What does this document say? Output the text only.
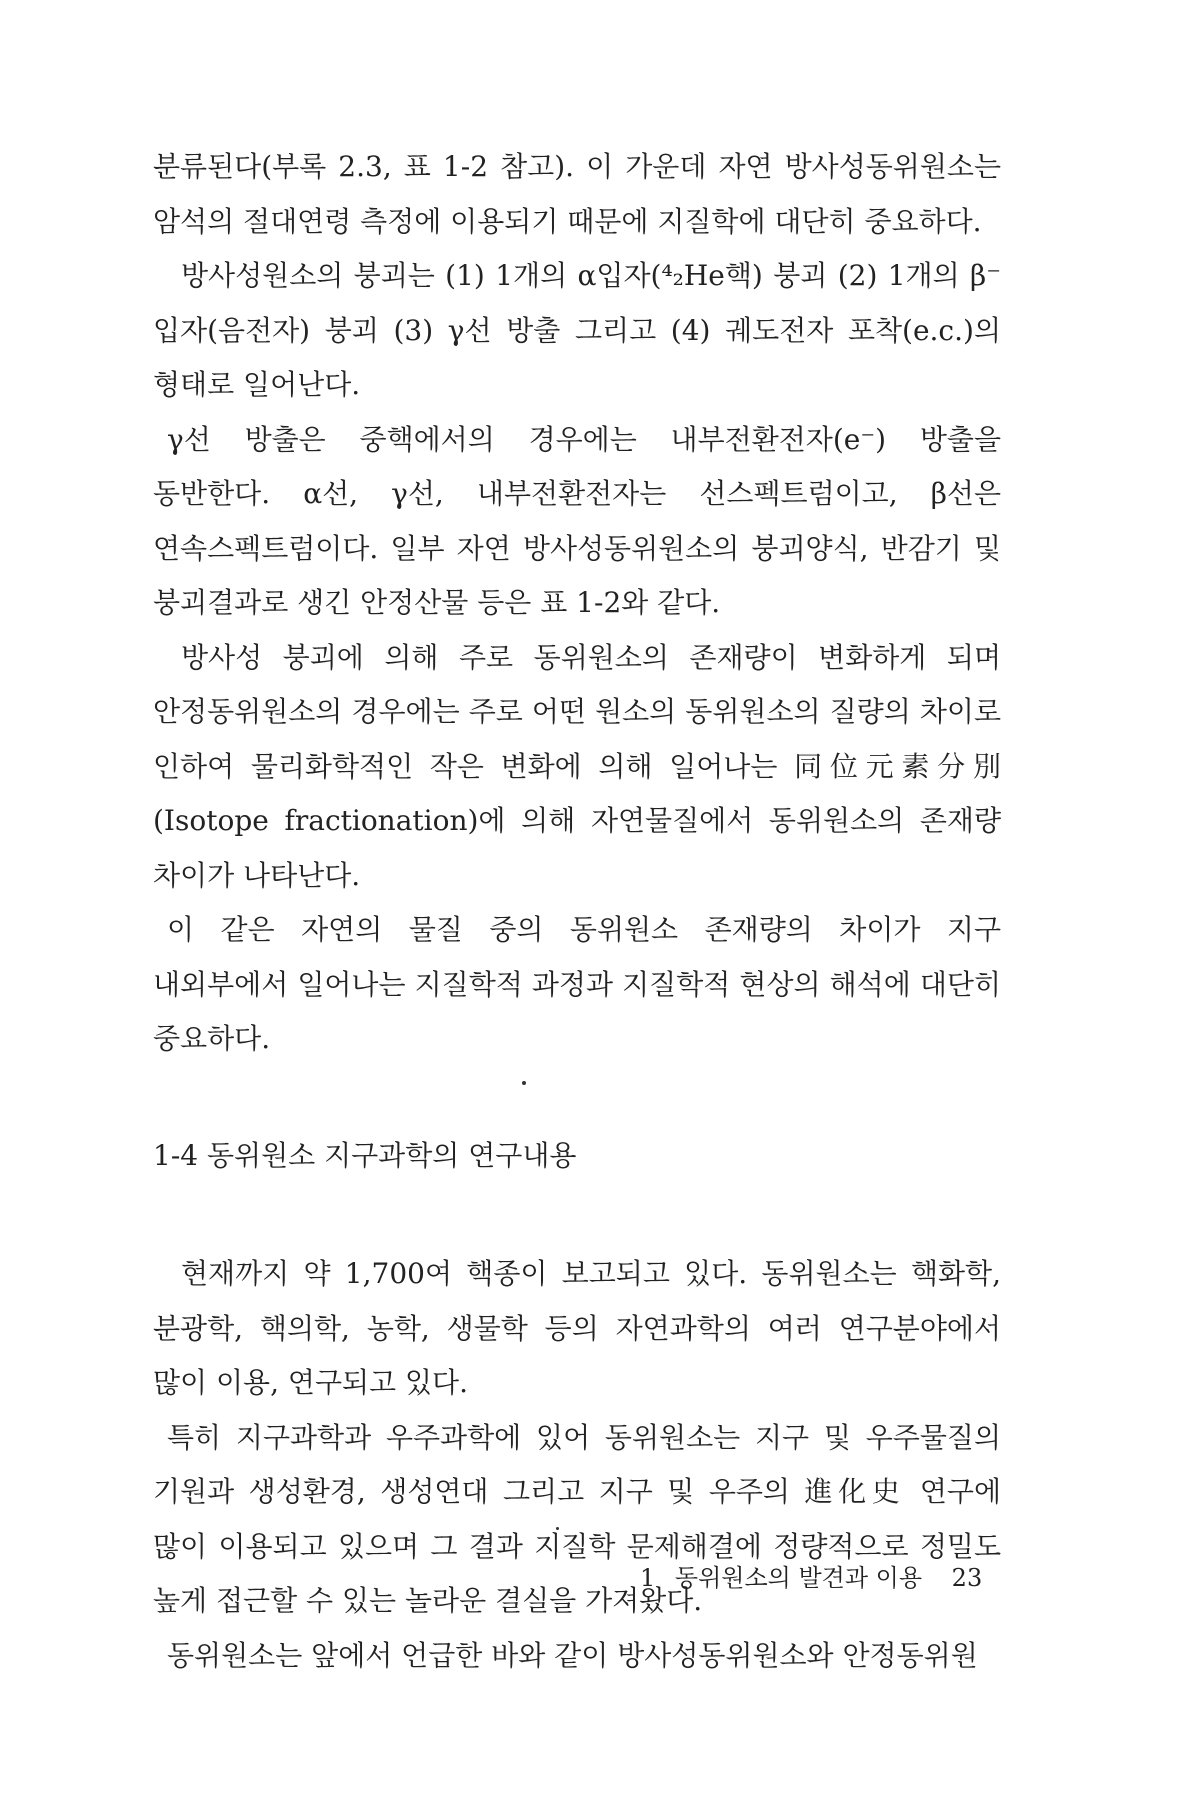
분류된다(부록 2.3, 표 1-2 참고). 이 가운데 자연 방사성동위원소는 암석의 절대연령 측정에 이용되기 때문에 지질학에 대단히 중요하다.

방사성원소의 붕괴는 (1) 1개의 α입자(⁴₂He핵) 붕괴 (2) 1개의 β⁻입자(음전자) 붕괴 (3) γ선 방출 그리고 (4) 궤도전자 포착(e.c.)의 형태로 일어난다.

γ선 방출은 중핵에서의 경우에는 내부전환전자(e⁻) 방출을 동반한다. α선, γ선, 내부전환전자는 선스펙트럼이고, β선은 연속스펙트럼이다. 일부 자연 방사성동위원소의 붕괴양식, 반감기 및 붕괴결과로 생긴 안정산물 등은 표 1-2와 같다.

방사성 붕괴에 의해 주로 동위원소의 존재량이 변화하게 되며 안정동위원소의 경우에는 주로 어떤 원소의 동위원소의 질량의 차이로 인하여 물리화학적인 작은 변화에 의해 일어나는 同位元素分別(Isotope fractionation)에 의해 자연물질에서 동위원소의 존재량 차이가 나타난다.

이 같은 자연의 물질 중의 동위원소 존재량의 차이가 지구 내외부에서 일어나는 지질학적 과정과 지질학적 현상의 해석에 대단히 중요하다.

1-4 동위원소 지구과학의 연구내용

현재까지 약 1,700여 핵종이 보고되고 있다. 동위원소는 핵화학, 분광학, 핵의학, 농학, 생물학 등의 자연과학의 여러 연구분야에서 많이 이용, 연구되고 있다.

특히 지구과학과 우주과학에 있어 동위원소는 지구 및 우주물질의 기원과 생성환경, 생성연대 그리고 지구 및 우주의 進化史 연구에 많이 이용되고 있으며 그 결과 지질학 문제해결에 정량적으로 정밀도 높게 접근할 수 있는 놀라운 결실을 가져왔다.

동위원소는 앞에서 언급한 바와 같이 방사성동위원소와 안정동위원

1 동위원소의 발견과 이용 23
